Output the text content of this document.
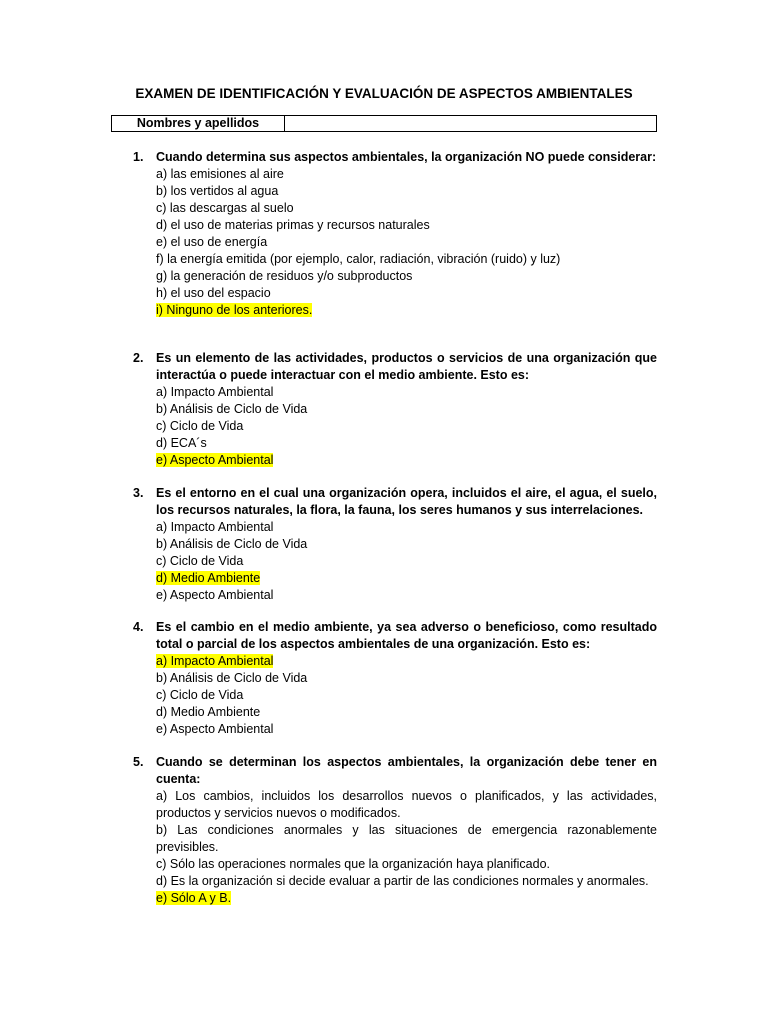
EXAMEN DE IDENTIFICACIÓN Y EVALUACIÓN DE ASPECTOS AMBIENTALES
Nombres y apellidos
1. Cuando determina sus aspectos ambientales, la organización NO puede considerar:
a) las emisiones al aire
b) los vertidos al agua
c) las descargas al suelo
d) el uso de materias primas y recursos naturales
e) el uso de energía
f) la energía emitida (por ejemplo, calor, radiación, vibración (ruido) y luz)
g) la generación de residuos y/o subproductos
h) el uso del espacio
i) Ninguno de los anteriores.
2. Es un elemento de las actividades, productos o servicios de una organización que interactúa o puede interactuar con el medio ambiente. Esto es:
a) Impacto Ambiental
b) Análisis de Ciclo de Vida
c) Ciclo de Vida
d) ECA´s
e) Aspecto Ambiental
3. Es el entorno en el cual una organización opera, incluidos el aire, el agua, el suelo, los recursos naturales, la flora, la fauna, los seres humanos y sus interrelaciones.
a) Impacto Ambiental
b) Análisis de Ciclo de Vida
c) Ciclo de Vida
d) Medio Ambiente
e) Aspecto Ambiental
4. Es el cambio en el medio ambiente, ya sea adverso o beneficioso, como resultado total o parcial de los aspectos ambientales de una organización. Esto es:
a) Impacto Ambiental
b) Análisis de Ciclo de Vida
c) Ciclo de Vida
d) Medio Ambiente
e) Aspecto Ambiental
5. Cuando se determinan los aspectos ambientales, la organización debe tener en cuenta:
a) Los cambios, incluidos los desarrollos nuevos o planificados, y las actividades, productos y servicios nuevos o modificados.
b) Las condiciones anormales y las situaciones de emergencia razonablemente previsibles.
c) Sólo las operaciones normales que la organización haya planificado.
d) Es la organización si decide evaluar a partir de las condiciones normales y anormales.
e) Sólo A y B.
